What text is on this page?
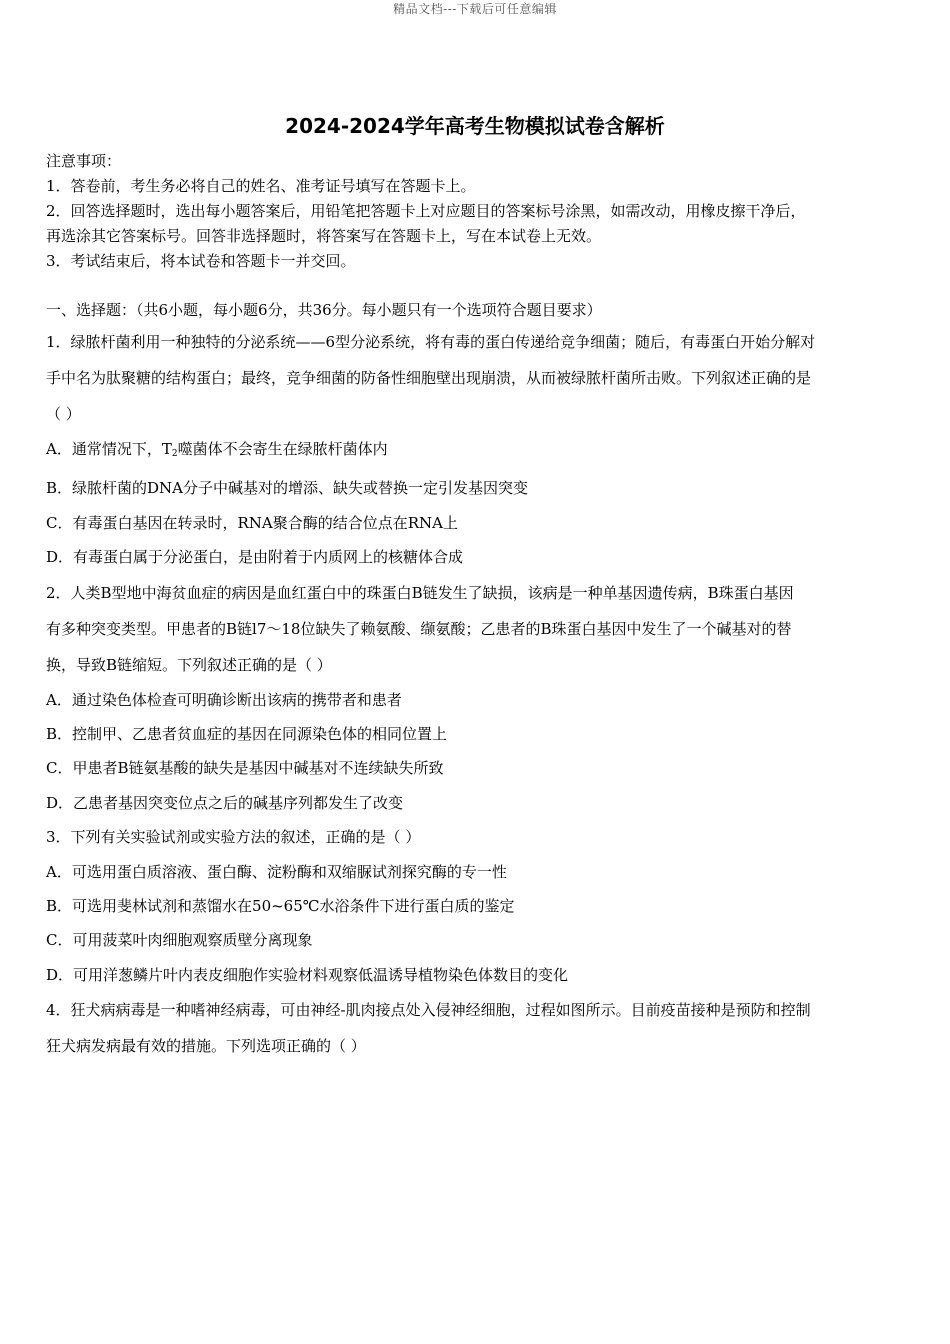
精品文档---下载后可任意编辑
2024-2024学年高考生物模拟试卷含解析
注意事项：
1．答卷前，考生务必将自己的姓名、准考证号填写在答题卡上。
2．回答选择题时，选出每小题答案后，用铅笔把答题卡上对应题目的答案标号涂黑，如需改动，用橡皮擦干净后，
再选涂其它答案标号。回答非选择题时，将答案写在答题卡上，写在本试卷上无效。
3．考试结束后，将本试卷和答题卡一并交回。
一、选择题：（共6小题，每小题6分，共36分。每小题只有一个选项符合题目要求）
1．绿脓杆菌利用一种独特的分泌系统——6型分泌系统，将有毒的蛋白传递给竞争细菌；随后，有毒蛋白开始分解对
手中名为肽聚糖的结构蛋白；最终，竞争细菌的防备性细胞壁出现崩溃，从而被绿脓杆菌所击败。下列叙述正确的是
（ ）
A．通常情况下，$T_2$噬菌体不会寄生在绿脓杆菌体内
B．绿脓杆菌的DNA分子中碱基对的增添、缺失或替换一定引发基因突变
C．有毒蛋白基因在转录时，RNA聚合酶的结合位点在RNA上
D．有毒蛋白属于分泌蛋白，是由附着于内质网上的核糖体合成
2．人类B型地中海贫血症的病因是血红蛋白中的珠蛋白B链发生了缺损，该病是一种单基因遗传病，B珠蛋白基因
有多种突变类型。甲患者的B链l7～18位缺失了赖氨酸、缬氨酸；乙患者的B珠蛋白基因中发生了一个碱基对的替
换，导致B链缩短。下列叙述正确的是（ ）
A．通过染色体检查可明确诊断出该病的携带者和患者
B．控制甲、乙患者贫血症的基因在同源染色体的相同位置上
C．甲患者B链氨基酸的缺失是基因中碱基对不连续缺失所致
D．乙患者基因突变位点之后的碱基序列都发生了改变
3．下列有关实验试剂或实验方法的叙述，正确的是（ ）
A．可选用蛋白质溶液、蛋白酶、淀粉酶和双缩脲试剂探究酶的专一性
B．可选用斐林试剂和蒸馏水在50~65℃水浴条件下进行蛋白质的鉴定
C．可用菠菜叶肉细胞观察质壁分离现象
D．可用洋葱鳞片叶内表皮细胞作实验材料观察低温诱导植物染色体数目的变化
4．狂犬病病毒是一种嗜神经病毒，可由神经-肌肉接点处入侵神经细胞，过程如图所示。目前疫苗接种是预防和控制
狂犬病发病最有效的措施。下列选项正确的（ ）
